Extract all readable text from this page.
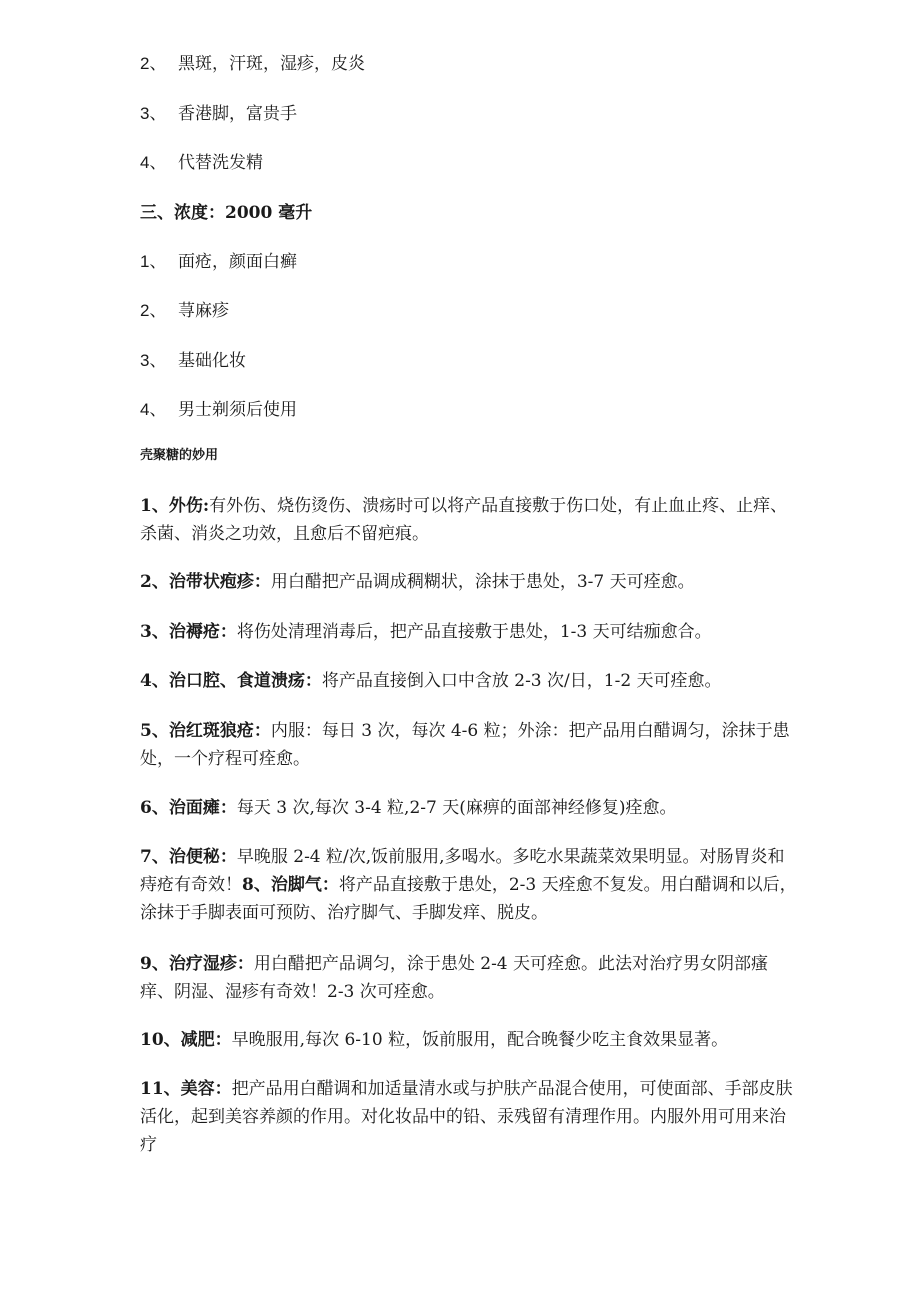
2、 黑斑，汗斑，湿疹，皮炎
3、 香港脚，富贵手
4、 代替洗发精
三、浓度：2000 毫升
1、 面疮，颜面白癣
2、 荨麻疹
3、 基础化妆
4、 男士剃须后使用
壳聚糖的妙用
1、外伤:有外伤、烧伤烫伤、溃疡时可以将产品直接敷于伤口处，有止血止疼、止痒、杀菌、消炎之功效，且愈后不留疤痕。
2、治带状疱疹：用白醋把产品调成稠糊状，涂抹于患处，3-7 天可痊愈。
3、治褥疮：将伤处清理消毒后，把产品直接敷于患处，1-3 天可结痂愈合。
4、治口腔、食道溃疡：将产品直接倒入口中含放 2-3 次/日，1-2 天可痊愈。
5、治红斑狼疮：内服：每日 3 次，每次 4-6 粒；外涂：把产品用白醋调匀，涂抹于患处，一个疗程可痊愈。
6、治面瘫：每天 3 次,每次 3-4 粒,2-7 天(麻痹的面部神经修复)痊愈。
7、治便秘：早晚服 2-4 粒/次,饭前服用,多喝水。多吃水果蔬菜效果明显。对肠胃炎和痔疮有奇效！8、治脚气：将产品直接敷于患处，2-3 天痊愈不复发。用白醋调和以后，涂抹于手脚表面可预防、治疗脚气、手脚发痒、脱皮。
9、治疗湿疹：用白醋把产品调匀，涂于患处 2-4 天可痊愈。此法对治疗男女阴部瘙痒、阴湿、湿疹有奇效！2-3 次可痊愈。
10、减肥：早晚服用,每次 6-10 粒，饭前服用，配合晚餐少吃主食效果显著。
11、美容：把产品用白醋调和加适量清水或与护肤产品混合使用，可使面部、手部皮肤活化，起到美容养颜的作用。对化妆品中的铅、汞残留有清理作用。内服外用可用来治疗
